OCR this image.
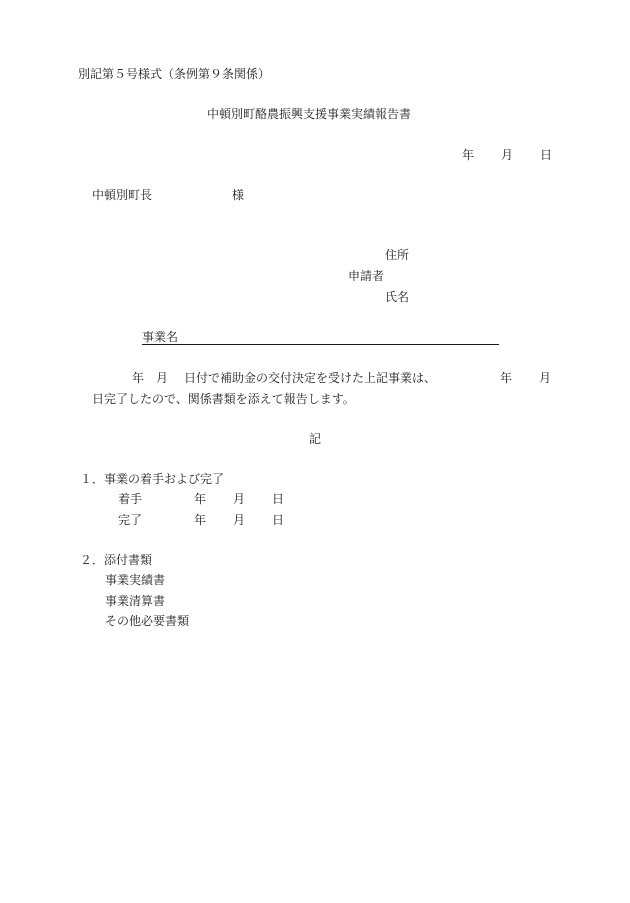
別記第５号様式（条例第９条関係）
中頓別町酪農振興支援事業実績報告書
年 月 日
中頓別町長	様
住所
申請者
氏名
事業名
年 月 日付で補助金の交付決定を受けた上記事業は、	年 月
日完了したので、関係書類を添えて報告します。
記
１．事業の着手および完了
着手	年 月 日
完了	年 月 日
２．添付書類
事業実績書
事業清算書
その他必要書類
